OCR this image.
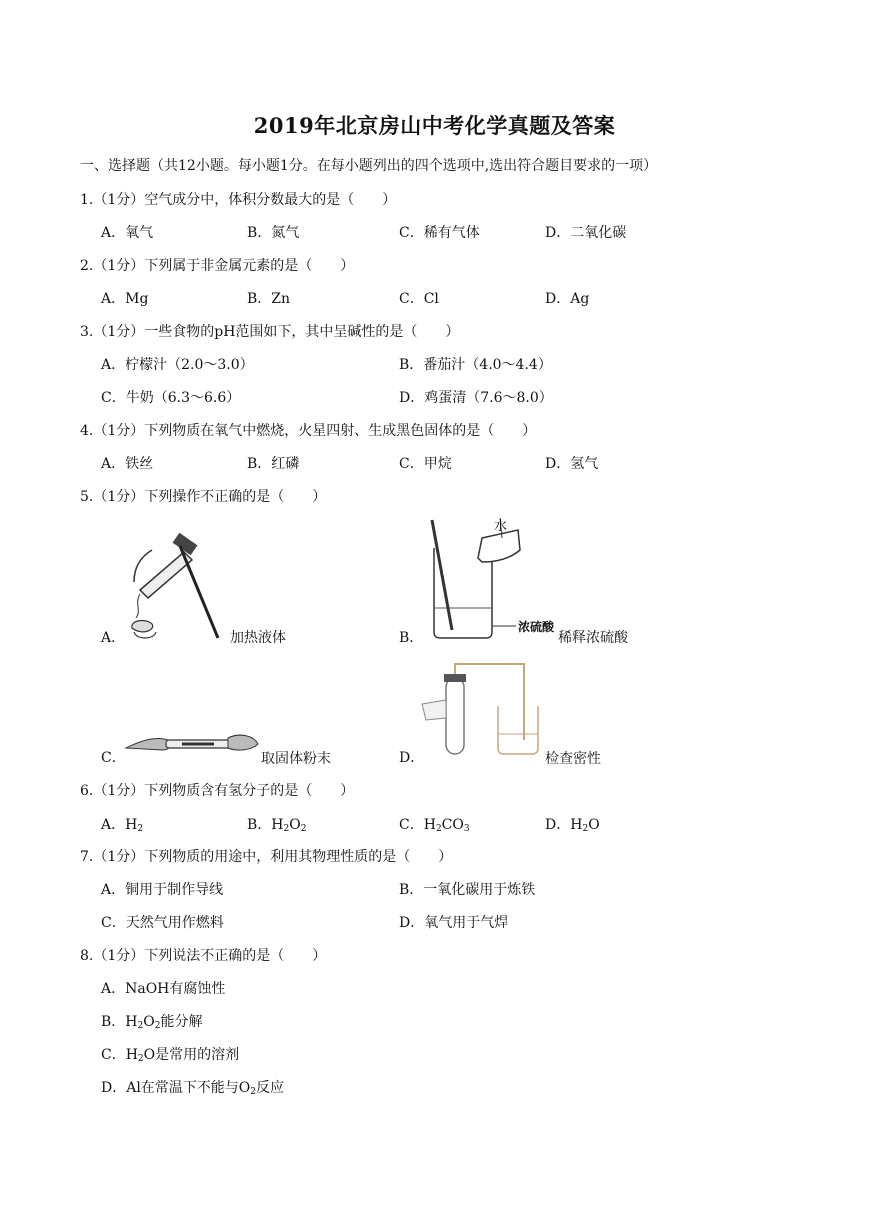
2019年北京房山中考化学真题及答案
一、选择题（共12小题。每小题1分。在每小题列出的四个选项中,选出符合题目要求的一项）
1.（1分）空气成分中，体积分数最大的是（　　）
A．氧气	B．氮气	C．稀有气体	D．二氧化碳
2.（1分）下列属于非金属元素的是（　　）
A．Mg	B．Zn	C．Cl	D．Ag
3.（1分）一些食物的pH范围如下，其中呈碱性的是（　　）
A．柠檬汁（2.0～3.0）	B．番茄汁（4.0～4.4）
C．牛奶（6.3～6.6）	D．鸡蛋清（7.6～8.0）
4.（1分）下列物质在氧气中燃烧，火星四射、生成黑色固体的是（　　）
A．铁丝	B．红磷	C．甲烷	D．氢气
5.（1分）下列操作不正确的是（　　）
A．	加热液体	B．
水
浓硫酸
稀释浓硫酸
C．	取固体粉末	D．	检查密性
6.（1分）下列物质含有氢分子的是（　　）
A．$H_2$	B．$H_2O_2$	C．$H_2CO_3$	D．$H_2O$
7.（1分）下列物质的用途中，利用其物理性质的是（　　）
A．铜用于制作导线	B．一氧化碳用于炼铁
C．天然气用作燃料	D．氧气用于气焊
8.（1分）下列说法不正确的是（　　）
A．NaOH有腐蚀性
B．$H_2O_2$能分解
C．$H_2O$是常用的溶剂
D．Al在常温下不能与$O_2$反应
